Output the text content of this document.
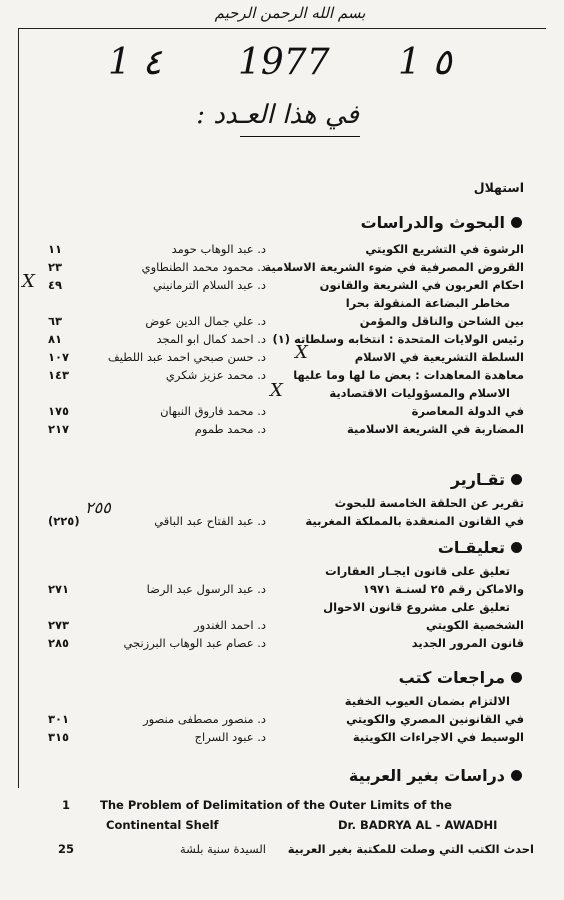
بسم الله الرحمن الرحيم
1 ٤ 1977 1 ٥
في هذا العـدد :
استهلال
البحوث والدراسات
الرشوة في التشريع الكويتي
د. عبد الوهاب حومد
١١
القروض المصرفية في ضوء الشريعة الاسلامية
د. محمود محمد الطنطاوي
٢٣
احكام العربون في الشريعة والقانون
د. عبد السلام الترمانيني
٤٩
مخاطر البضاعة المنقولة بحرا
بين الشاحن والناقل والمؤمن
د. علي جمال الدين عوض
٦٣
رئيس الولايات المتحدة : انتخابه وسلطاته (١)
د. احمد كمال ابو المجد
٨١
السلطة التشريعية في الاسلام
د. حسن صبحي احمد عبد اللطيف
١٠٧
معاهدة المعاهدات : بعض ما لها وما عليها
د. محمد عزيز شكري
١٤٣
الاسلام والمسؤوليات الاقتصادية
في الدولة المعاصرة
د. محمد فاروق النبهان
١٧٥
المضاربة في الشريعة الاسلامية
د. محمد طموم
٢١٧
X
X
X
تقـارير
تقرير عن الحلقة الخامسة للبحوث
في القانون المنعقدة بالمملكة المغربية
د. عبد الفتاح عبد الباقي
(٢٢٥)
٢٥٥
تعليقـات
تعليق على قانون ايجـار العقارات
والاماكن رقم ٢٥ لسنـة ١٩٧١
د. عبد الرسول عبد الرضا
٢٧١
تعليق على مشروع قانون الاحوال
الشخصية الكويتي
د. احمد الغندور
٢٧٣
قانون المرور الجديد
د. عصام عبد الوهاب البرزنجي
٢٨٥
مراجعات كتب
الالتزام بضمان العيوب الخفية
في القانونين المصري والكويتي
د. منصور مصطفى منصور
٣٠١
الوسيط في الاجراءات الكويتية
د. عبود السراج
٣١٥
دراسات بغير العربية
1	The Problem of Delimitation of the Outer Limits of the
Continental Shelf	Dr. BADRYA AL - AWADHI
احدث الكتب التي وصلت للمكتبة بغير العربية
السيدة سنية بلشة
25
